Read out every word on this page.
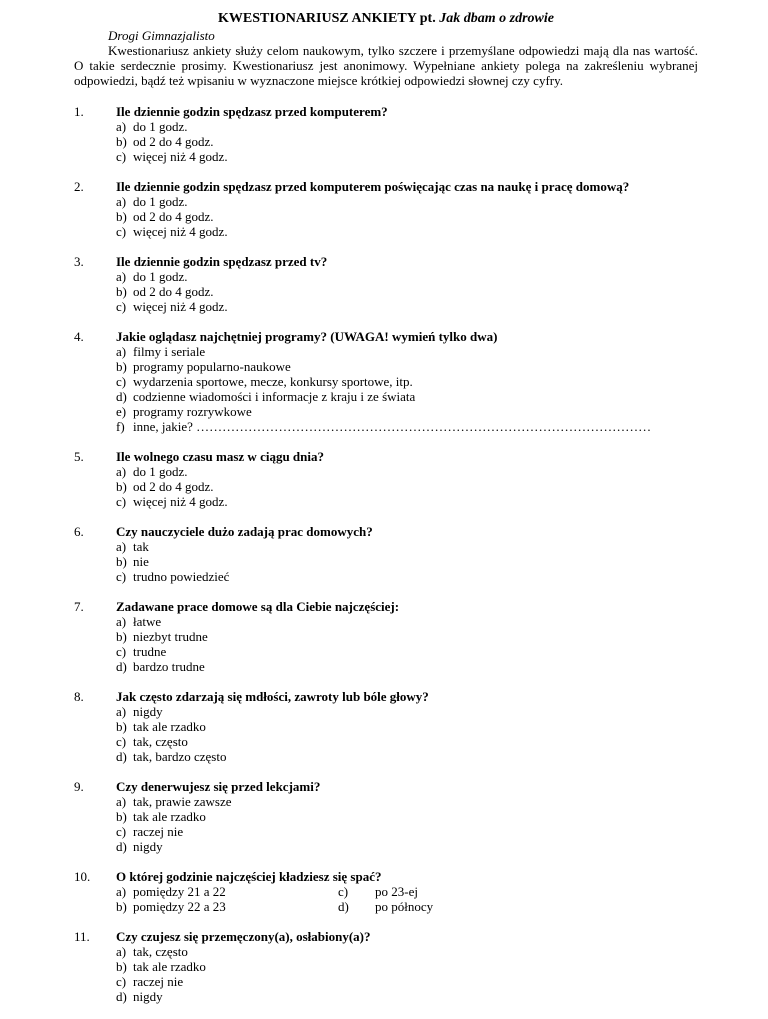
KWESTIONARIUSZ ANKIETY pt. Jak dbam o zdrowie
Drogi Gimnazjalisto

Kwestionariusz ankiety służy celom naukowym, tylko szczere i przemyślane odpowiedzi mają dla nas wartość. O takie serdecznie prosimy. Kwestionariusz jest anonimowy. Wypełniane ankiety polega na zakreśleniu wybranej odpowiedzi, bądź też wpisaniu w wyznaczone miejsce krótkiej odpowiedzi słownej czy cyfry.

1.	Ile dziennie godzin spędzasz przed komputerem?
a) do 1 godz.
b) od 2 do 4 godz.
c) więcej niż 4 godz.
2.	Ile dziennie godzin spędzasz przed komputerem poświęcając czas na naukę i pracę domową?
a) do 1 godz.
b) od 2 do 4 godz.
c) więcej niż 4 godz.
3.	Ile dziennie godzin spędzasz przed tv?
a) do 1 godz.
b) od 2 do 4 godz.
c) więcej niż 4 godz.
4.	Jakie oglądasz najchętniej programy? (UWAGA! wymień tylko dwa)
a) filmy i seriale
b) programy popularno-naukowe
c) wydarzenia sportowe, mecze, konkursy sportowe, itp.
d) codzienne wiadomości i informacje z kraju i ze świata
e) programy rozrywkowe
f) inne, jakie? ……………………………………………………………………………………………
5.	Ile wolnego czasu masz w ciągu dnia?
a) do 1 godz.
b) od 2 do 4 godz.
c) więcej niż 4 godz.
6.	Czy nauczyciele dużo zadają prac domowych?
a) tak
b) nie
c) trudno powiedzieć
7.	Zadawane prace domowe są dla Ciebie najczęściej:
a) łatwe
b) niezbyt trudne
c) trudne
d) bardzo trudne
8.	Jak często zdarzają się mdłości, zawroty lub bóle głowy?
a) nigdy
b) tak ale rzadko
c) tak, często
d) tak, bardzo często
9.	Czy denerwujesz się przed lekcjami?
a) tak, prawie zawsze
b) tak ale rzadko
c) raczej nie
d) nigdy
10.	O której godzinie najczęściej kładziesz się spać?
a) pomiędzy 21 a 22	c)	po 23-ej
b) pomiędzy 22 a 23	d)	po północy
11.	Czy czujesz się przemęczony(a), osłabiony(a)?
a) tak, często
b) tak ale rzadko
c) raczej nie
d) nigdy
